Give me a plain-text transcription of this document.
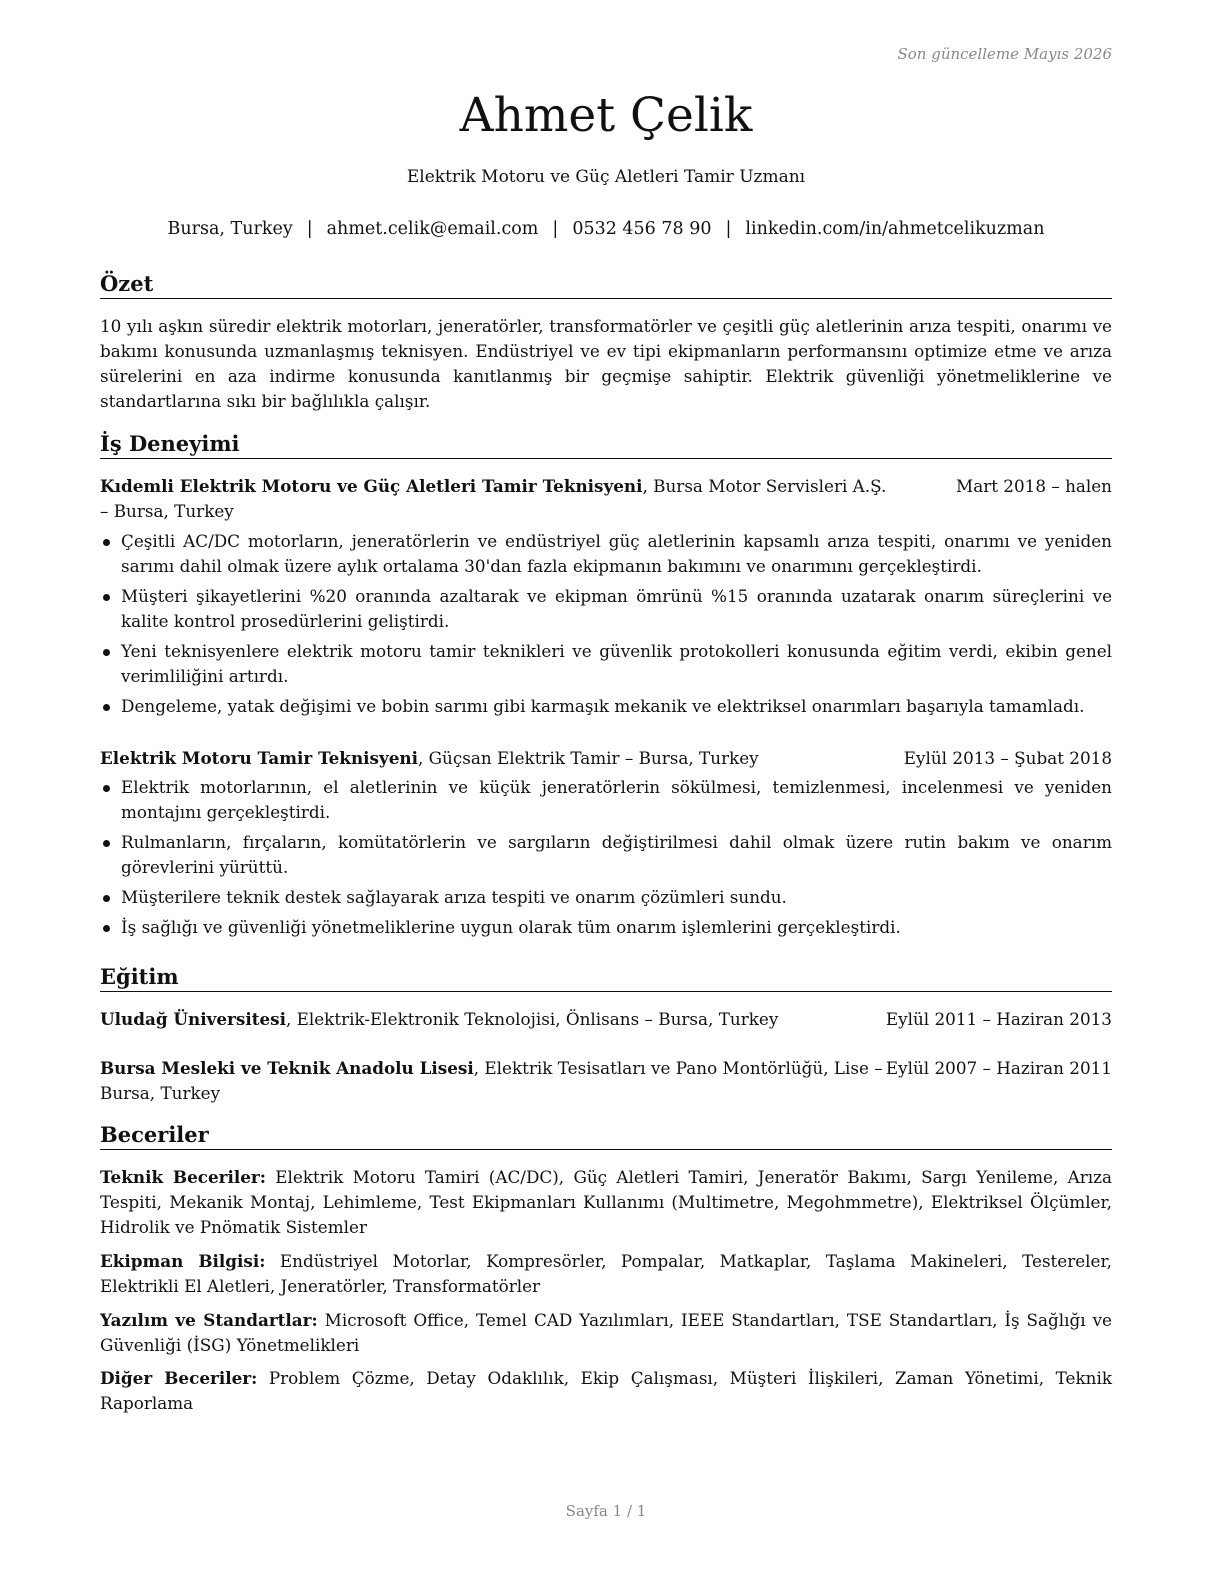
Son güncelleme Mayıs 2026
Ahmet Çelik
Elektrik Motoru ve Güç Aletleri Tamir Uzmanı
Bursa, Turkey | ahmet.celik@email.com | 0532 456 78 90 | linkedin.com/in/ahmetcelikuzman
Özet
10 yılı aşkın süredir elektrik motorları, jeneratörler, transformatörler ve çeşitli güç aletlerinin arıza tespiti, onarımı ve bakımı konusunda uzmanlaşmış teknisyen. Endüstriyel ve ev tipi ekipmanların performansını optimize etme ve arıza sürelerini en aza indirme konusunda kanıtlanmış bir geçmişe sahiptir. Elektrik güvenliği yönetmeliklerine ve standartlarına sıkı bir bağlılıkla çalışır.
İş Deneyimi
Kıdemli Elektrik Motoru ve Güç Aletleri Tamir Teknisyeni, Bursa Motor Servisleri A.Ş.	Mart 2018 – halen
– Bursa, Turkey
Çeşitli AC/DC motorların, jeneratörlerin ve endüstriyel güç aletlerinin kapsamlı arıza tespiti, onarımı ve yeniden sarımı dahil olmak üzere aylık ortalama 30'dan fazla ekipmanın bakımını ve onarımını gerçekleştirdi.
Müşteri şikayetlerini %20 oranında azaltarak ve ekipman ömrünü %15 oranında uzatarak onarım süreçlerini ve kalite kontrol prosedürlerini geliştirdi.
Yeni teknisyenlere elektrik motoru tamir teknikleri ve güvenlik protokolleri konusunda eğitim verdi, ekibin genel verimliliğini artırdı.
Dengeleme, yatak değişimi ve bobin sarımı gibi karmaşık mekanik ve elektriksel onarımları başarıyla tamamladı.
Elektrik Motoru Tamir Teknisyeni, Güçsan Elektrik Tamir – Bursa, Turkey	Eylül 2013 – Şubat 2018
Elektrik motorlarının, el aletlerinin ve küçük jeneratörlerin sökülmesi, temizlenmesi, incelenmesi ve yeniden montajını gerçekleştirdi.
Rulmanların, fırçaların, komütatörlerin ve sargıların değiştirilmesi dahil olmak üzere rutin bakım ve onarım görevlerini yürüttü.
Müşterilere teknik destek sağlayarak arıza tespiti ve onarım çözümleri sundu.
İş sağlığı ve güvenliği yönetmeliklerine uygun olarak tüm onarım işlemlerini gerçekleştirdi.
Eğitim
Uludağ Üniversitesi, Elektrik-Elektronik Teknolojisi, Önlisans – Bursa, Turkey	Eylül 2011 – Haziran 2013
Bursa Mesleki ve Teknik Anadolu Lisesi, Elektrik Tesisatları ve Pano Montörlüğü, Lise – Eylül 2007 – Haziran 2011
Bursa, Turkey
Beceriler
Teknik Beceriler: Elektrik Motoru Tamiri (AC/DC), Güç Aletleri Tamiri, Jeneratör Bakımı, Sargı Yenileme, Arıza Tespiti, Mekanik Montaj, Lehimleme, Test Ekipmanları Kullanımı (Multimetre, Megohmmetre), Elektriksel Ölçümler, Hidrolik ve Pnömatik Sistemler
Ekipman Bilgisi: Endüstriyel Motorlar, Kompresörler, Pompalar, Matkaplar, Taşlama Makineleri, Testereler, Elektrikli El Aletleri, Jeneratörler, Transformatörler
Yazılım ve Standartlar: Microsoft Office, Temel CAD Yazılımları, IEEE Standartları, TSE Standartları, İş Sağlığı ve Güvenliği (İSG) Yönetmelikleri
Diğer Beceriler: Problem Çözme, Detay Odaklılık, Ekip Çalışması, Müşteri İlişkileri, Zaman Yönetimi, Teknik Raporlama
Sayfa 1 / 1
